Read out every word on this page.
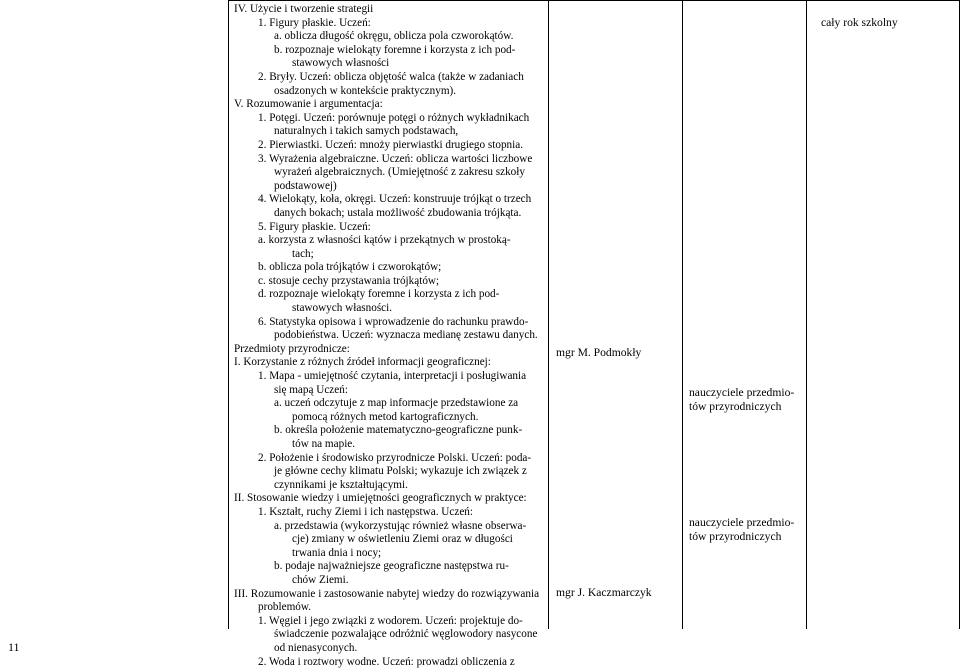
IV. Użycie i tworzenie strategii
1. Figury płaskie. Uczeń:
a. oblicza długość okręgu, oblicza pola czworokątów.
b. rozpoznaje wielokąty foremne i korzysta z ich pod-
stawowych własności
2. Bryły. Uczeń: oblicza objętość walca (także w zadaniach
osadzonych w kontekście praktycznym).
V. Rozumowanie i argumentacja:
1. Potęgi. Uczeń: porównuje potęgi o różnych wykładnikach
naturalnych i takich samych podstawach,
2. Pierwiastki. Uczeń: mnoży pierwiastki drugiego stopnia.
3. Wyrażenia algebraiczne. Uczeń: oblicza wartości liczbowe
wyrażeń algebraicznych. (Umiejętność z zakresu szkoły
podstawowej)
4. Wielokąty, koła, okręgi. Uczeń: konstruuje trójkąt o trzech
danych bokach; ustala możliwość zbudowania trójkąta.
5. Figury płaskie. Uczeń:
a. korzysta z własności kątów i przekątnych w prostoką-
tach;
b. oblicza pola trójkątów i czworokątów;
c. stosuje cechy przystawania trójkątów;
d. rozpoznaje wielokąty foremne i korzysta z ich pod-
stawowych własności.
6. Statystyka opisowa i wprowadzenie do rachunku prawdo-
podobieństwa. Uczeń: wyznacza medianę zestawu danych.
Przedmioty przyrodnicze:
I. Korzystanie z różnych źródeł informacji geograficznej:
1. Mapa - umiejętność czytania, interpretacji i posługiwania
się mapą Uczeń:
a. uczeń odczytuje z map informacje przedstawione za
pomocą różnych metod kartograficznych.
b. określa położenie matematyczno-geograficzne punk-
tów na mapie.
2. Położenie i środowisko przyrodnicze Polski. Uczeń: poda-
je główne cechy klimatu Polski; wykazuje ich związek z
czynnikami je kształtującymi.
II. Stosowanie wiedzy i umiejętności geograficznych w praktyce:
1. Kształt, ruchy Ziemi i ich następstwa. Uczeń:
a. przedstawia (wykorzystując również własne obserwa-
cje) zmiany w oświetleniu Ziemi oraz w długości
trwania dnia i nocy;
b. podaje najważniejsze geograficzne następstwa ru-
chów Ziemi.
III. Rozumowanie i zastosowanie nabytej wiedzy do rozwiązywania
problemów.
1. Węgiel i jego związki z wodorem. Uczeń: projektuje do-
świadczenie pozwalające odróżnić węglowodory nasycone
od nienasyconych.
2. Woda i roztwory wodne. Uczeń: prowadzi obliczenia z
mgr M. Podmokły
mgr J. Kaczmarczyk
nauczyciele przedmio-
tów przyrodniczych
nauczyciele przedmio-
tów przyrodniczych
cały rok szkolny
11
